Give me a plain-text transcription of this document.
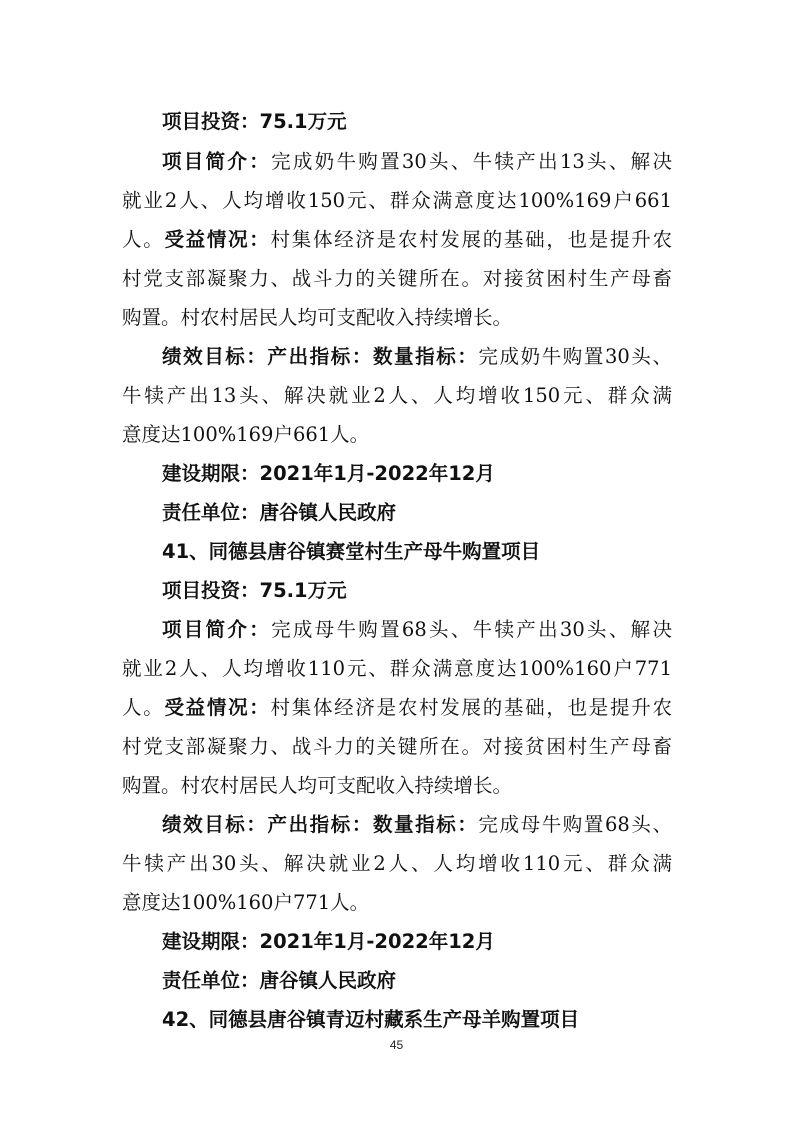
项目投资：75.1万元
项目简介：完成奶牛购置30头、牛犊产出13头、解决
就业2人、人均增收150元、群众满意度达100%169户661
人。受益情况：村集体经济是农村发展的基础，也是提升农
村党支部凝聚力、战斗力的关键所在。对接贫困村生产母畜
购置。村农村居民人均可支配收入持续增长。
绩效目标：产出指标：数量指标：完成奶牛购置30头、
牛犊产出13头、解决就业2人、人均增收150元、群众满
意度达100%169户661人。
建设期限：2021年1月-2022年12月
责任单位：唐谷镇人民政府
41、同德县唐谷镇赛堂村生产母牛购置项目
项目投资：75.1万元
项目简介：完成母牛购置68头、牛犊产出30头、解决
就业2人、人均增收110元、群众满意度达100%160户771
人。受益情况：村集体经济是农村发展的基础，也是提升农
村党支部凝聚力、战斗力的关键所在。对接贫困村生产母畜
购置。村农村居民人均可支配收入持续增长。
绩效目标：产出指标：数量指标：完成母牛购置68头、
牛犊产出30头、解决就业2人、人均增收110元、群众满
意度达100%160户771人。
建设期限：2021年1月-2022年12月
责任单位：唐谷镇人民政府
42、同德县唐谷镇青迈村藏系生产母羊购置项目
45
